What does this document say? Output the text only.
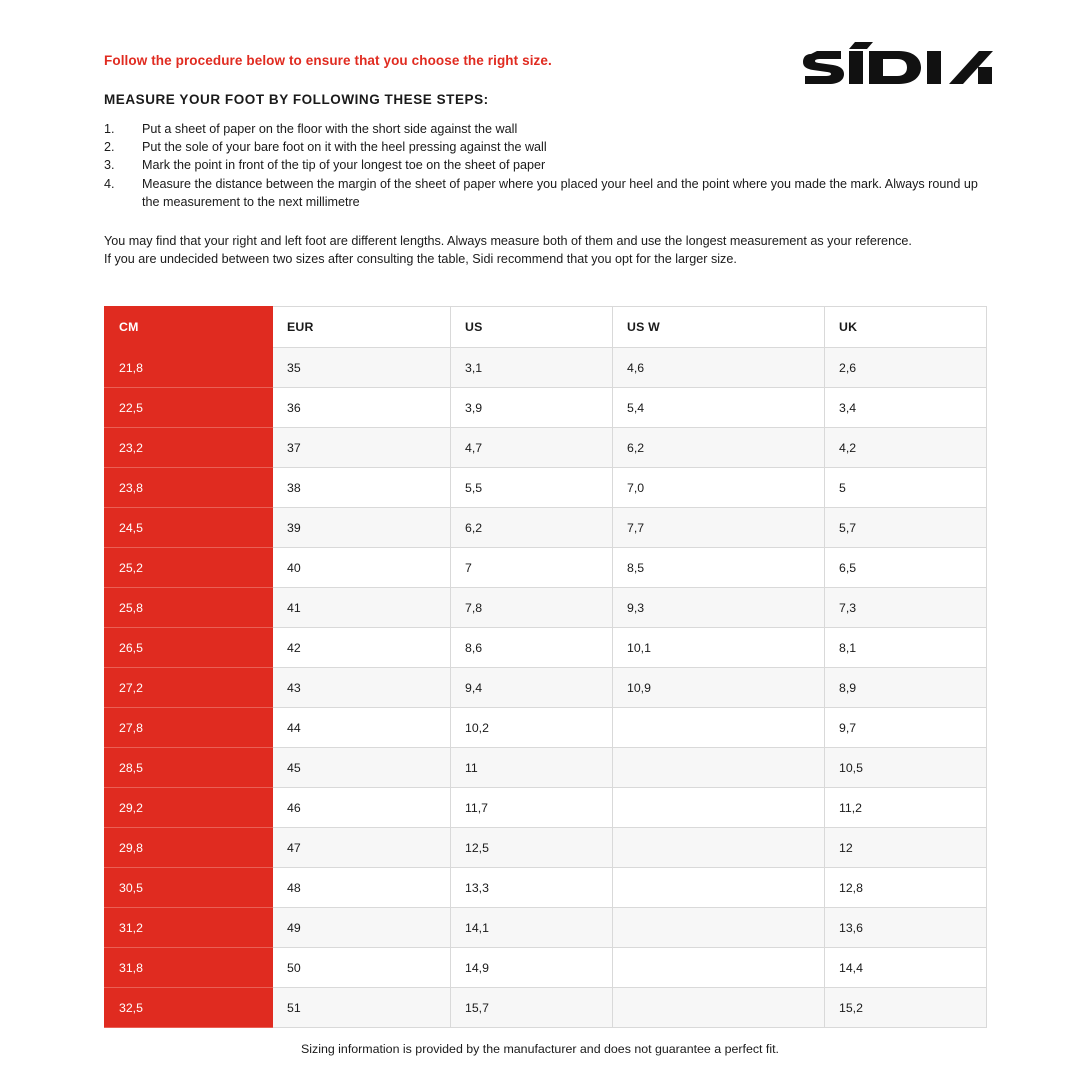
Follow the procedure below to ensure that you choose the right size.
MEASURE YOUR FOOT BY FOLLOWING THESE STEPS:
1.	Put a sheet of paper on the floor with the short side against the wall
2.	Put the sole of your bare foot on it with the heel pressing against the wall
3.	Mark the point in front of the tip of your longest toe on the sheet of paper
4.	Measure the distance between the margin of the sheet of paper where you placed your heel and the point where you made the mark. Always round up the measurement to the next millimetre

You may find that your right and left foot are different lengths. Always measure both of them and use the longest measurement as your reference.

If you are undecided between two sizes after consulting the table, Sidi recommend that you opt for the larger size.

CM	EUR	US	US W	UK
21,8	35	3,1	4,6	2,6
22,5	36	3,9	5,4	3,4
23,2	37	4,7	6,2	4,2
23,8	38	5,5	7,0	5
24,5	39	6,2	7,7	5,7
25,2	40	7	8,5	6,5
25,8	41	7,8	9,3	7,3
26,5	42	8,6	10,1	8,1
27,2	43	9,4	10,9	8,9
27,8	44	10,2		9,7
28,5	45	11		10,5
29,2	46	11,7		11,2
29,8	47	12,5		12
30,5	48	13,3		12,8
31,2	49	14,1		13,6
31,8	50	14,9		14,4
32,5	51	15,7		15,2
Sizing information is provided by the manufacturer and does not guarantee a perfect fit.
